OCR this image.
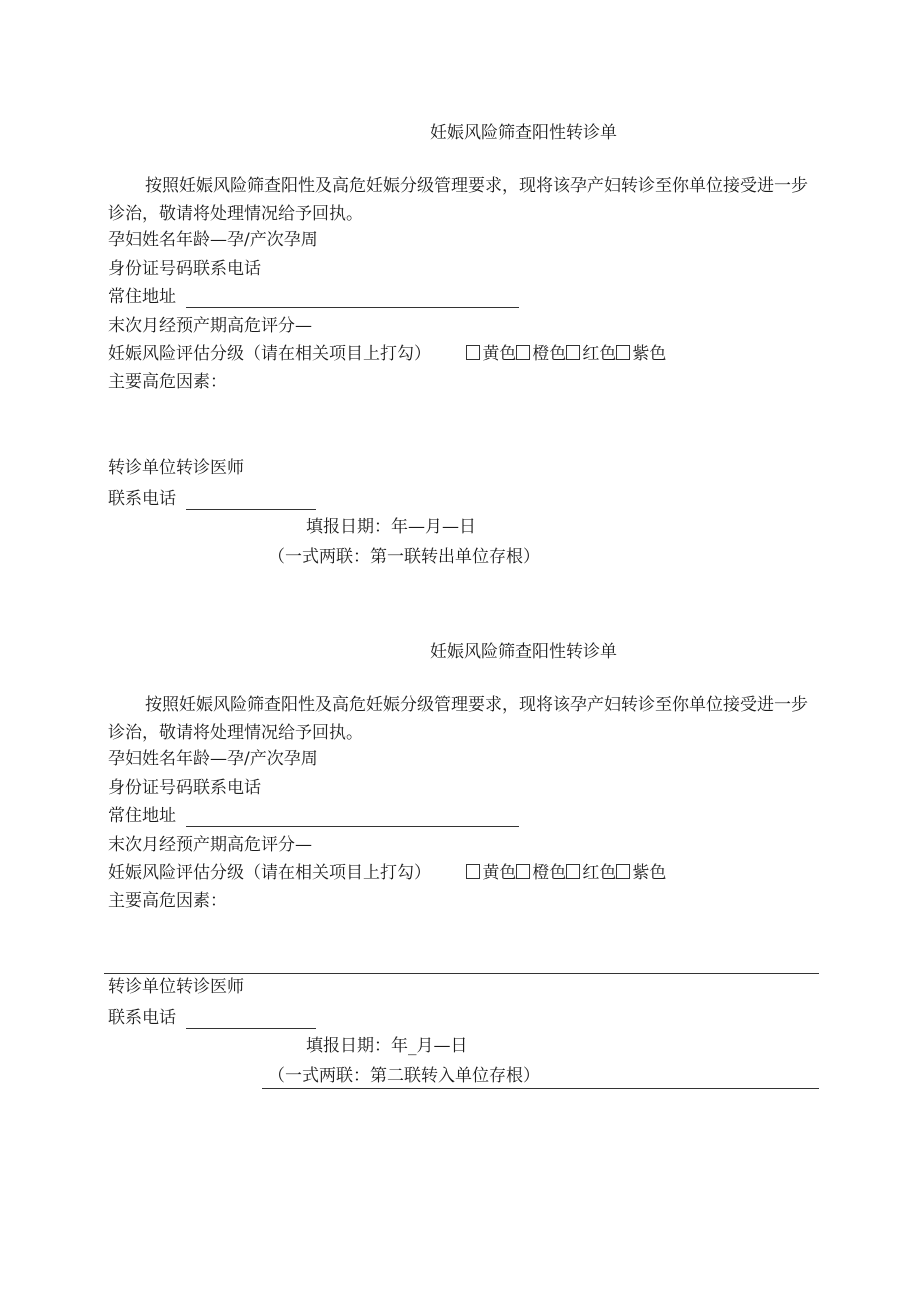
妊娠风险筛查阳性转诊单
按照妊娠风险筛查阳性及高危妊娠分级管理要求，现将该孕产妇转诊至你单位接受进一步诊治，敬请将处理情况给予回执。
孕妇姓名年龄—孕/产次孕周
身份证号码联系电话
常住地址
末次月经预产期高危评分—
妊娠风险评估分级（请在相关项目上打勾）	黄色 橙色 红色 紫色
主要高危因素：
转诊单位转诊医师
联系电话
填报日期：年—月—日
（一式两联：第一联转出单位存根）
妊娠风险筛查阳性转诊单
按照妊娠风险筛查阳性及高危妊娠分级管理要求，现将该孕产妇转诊至你单位接受进一步诊治，敬请将处理情况给予回执。
孕妇姓名年龄—孕/产次孕周
身份证号码联系电话
常住地址
末次月经预产期高危评分—
妊娠风险评估分级（请在相关项目上打勾）	黄色 橙色 红色 紫色
主要高危因素：
转诊单位转诊医师
联系电话
填报日期：年_月—日
（一式两联：第二联转入单位存根）
